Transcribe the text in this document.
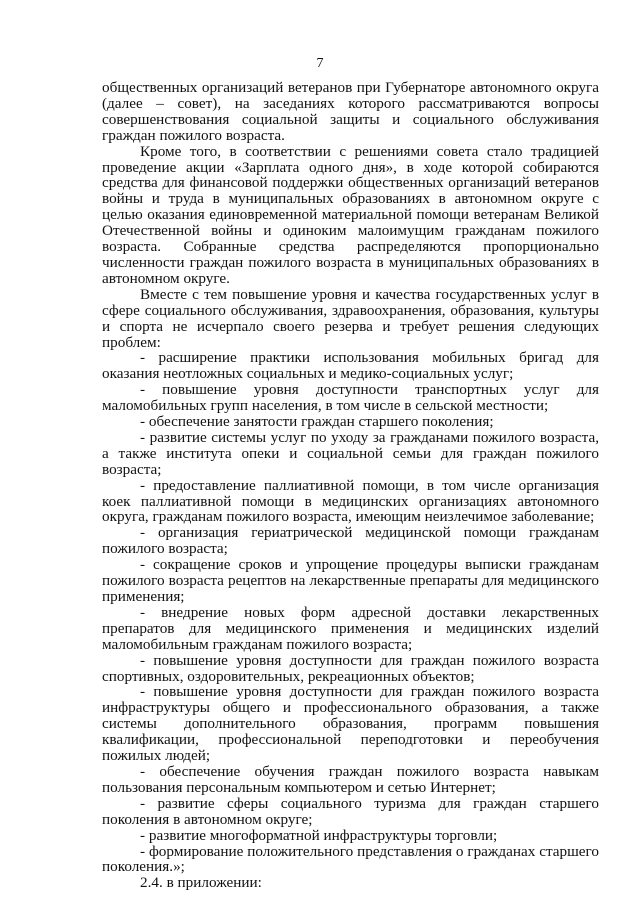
7

общественных организаций ветеранов при Губернаторе автономного округа (далее – совет), на заседаниях которого рассматриваются вопросы совершенствования социальной защиты и социального обслуживания граждан пожилого возраста.

Кроме того, в соответствии с решениями совета стало традицией проведение акции «Зарплата одного дня», в ходе которой собираются средства для финансовой поддержки общественных организаций ветеранов войны и труда в муниципальных образованиях в автономном округе с целью оказания единовременной материальной помощи ветеранам Великой Отечественной войны и одиноким малоимущим гражданам пожилого возраста. Собранные средства распределяются пропорционально численности граждан пожилого возраста в муниципальных образованиях в автономном округе.

Вместе с тем повышение уровня и качества государственных услуг в сфере социального обслуживания, здравоохранения, образования, культуры и спорта не исчерпало своего резерва и требует решения следующих проблем:

- расширение практики использования мобильных бригад для оказания неотложных социальных и медико-социальных услуг;

- повышение уровня доступности транспортных услуг для маломобильных групп населения, в том числе в сельской местности;

- обеспечение занятости граждан старшего поколения;

- развитие системы услуг по уходу за гражданами пожилого возраста, а также института опеки и социальной семьи для граждан пожилого возраста;

- предоставление паллиативной помощи, в том числе организация коек паллиативной помощи в медицинских организациях автономного округа, гражданам пожилого возраста, имеющим неизлечимое заболевание;

- организация гериатрической медицинской помощи гражданам пожилого возраста;

- сокращение сроков и упрощение процедуры выписки гражданам пожилого возраста рецептов на лекарственные препараты для медицинского применения;

- внедрение новых форм адресной доставки лекарственных препаратов для медицинского применения и медицинских изделий маломобильным гражданам пожилого возраста;

- повышение уровня доступности для граждан пожилого возраста спортивных, оздоровительных, рекреационных объектов;

- повышение уровня доступности для граждан пожилого возраста инфраструктуры общего и профессионального образования, а также системы дополнительного образования, программ повышения квалификации, профессиональной переподготовки и переобучения пожилых людей;

- обеспечение обучения граждан пожилого возраста навыкам пользования персональным компьютером и сетью Интернет;

- развитие сферы социального туризма для граждан старшего поколения в автономном округе;

- развитие многоформатной инфраструктуры торговли;

- формирование положительного представления о гражданах старшего поколения.»;

2.4. в приложении:
